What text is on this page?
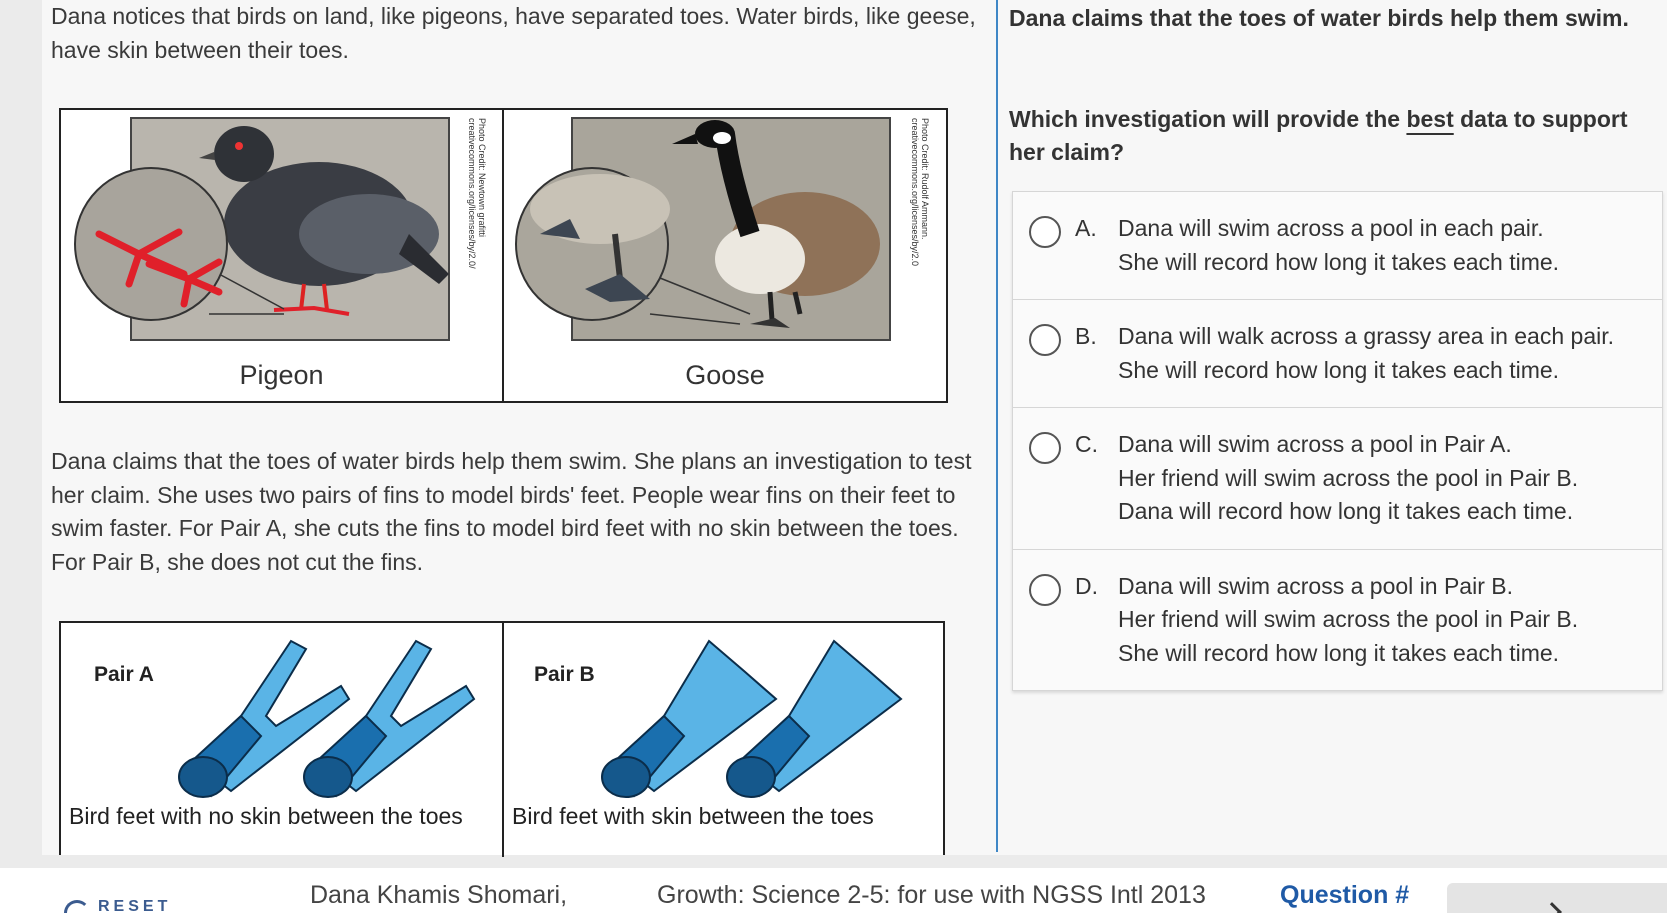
Dana notices that birds on land, like pigeons, have separated toes. Water birds, like geese, have skin between their toes.

Photo Credit: Newtown grafitti creativecommons.org/licenses/by/2.0/
Pigeon
Photo Credit: Rudolf Ammann. creativecommons.org/licenses/by/2.0
Goose

Dana claims that the toes of water birds help them swim. She plans an investigation to test her claim. She uses two pairs of fins to model birds' feet. People wear fins on their feet to swim faster. For Pair A, she cuts the fins to model bird feet with no skin between the toes. For Pair B, she does not cut the fins.

Pair A
Bird feet with no skin between the toes
Pair B
Bird feet with skin between the toes

Dana claims that the toes of water birds help them swim.

Which investigation will provide the best data to support her claim?

A. Dana will swim across a pool in each pair.
She will record how long it takes each time.
B. Dana will walk across a grassy area in each pair.
She will record how long it takes each time.
C. Dana will swim across a pool in Pair A.
Her friend will swim across the pool in Pair B.
Dana will record how long it takes each time.
D. Dana will swim across a pool in Pair B.
Her friend will swim across the pool in Pair B.
She will record how long it takes each time.
RESET	Dana Khamis Shomari,	Growth: Science 2-5: for use with NGSS Intl 2013	Question #
